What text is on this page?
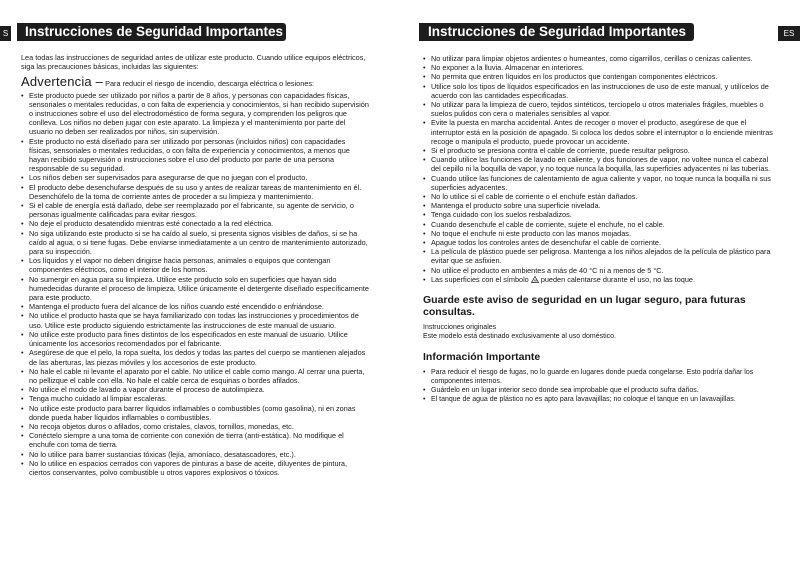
S	Instrucciones de Seguridad Importantes

Lea todas las instrucciones de seguridad antes de utilizar este producto. Cuando utilice equipos eléctricos, siga las precauciones básicas, incluidas las siguientes:

Advertencia – Para reducir el riesgo de incendio, descarga eléctrica o lesiones:

• Este producto puede ser utilizado por niños a partir de 8 años, y personas con capacidades físicas, sensoriales o mentales reducidas, o con falta de experiencia y conocimientos, si han recibido supervisión o instrucciones sobre el uso del electrodoméstico de forma segura, y comprenden los peligros que conlleva. Los niños no deben jugar con este aparato. La limpieza y el mantenimiento por parte del usuario no deben ser realizados por niños, sin supervisión.
• Este producto no está diseñado para ser utilizado por personas (incluidos niños) con capacidades físicas, sensoriales o mentales reducidas, o con falta de experiencia y conocimientos, a menos que hayan recibido supervisión o instrucciones sobre el uso del producto por parte de una persona responsable de su seguridad.
• Los niños deben ser supervisados para asegurarse de que no juegan con el producto.
• El producto debe desenchufarse después de su uso y antes de realizar tareas de mantenimiento en él. Desenchúfelo de la toma de corriente antes de proceder a su limpieza y mantenimiento.
• Si el cable de energía está dañado, debe ser reemplazado por el fabricante, su agente de servicio, o personas igualmente calificadas para evitar riesgos.
• No deje el producto desatendido mientras esté conectado a la red eléctrica.
• No siga utilizando este producto si se ha caído al suelo, si presenta signos visibles de daños, si se ha caído al agua, o si tiene fugas. Debe enviarse inmediatamente a un centro de mantenimiento autorizado, para su inspección.
• Los líquidos y el vapor no deben dirigirse hacia personas, animales o equipos que contengan componentes eléctricos, como el interior de los hornos.
• No sumergir en agua para su limpieza. Utilice este producto solo en superficies que hayan sido humedecidas durante el proceso de limpieza. Utilice únicamente el detergente diseñado específicamente para este producto.
• Mantenga el producto fuera del alcance de los niños cuando esté encendido o enfriándose.
• No utilice el producto hasta que se haya familiarizado con todas las instrucciones y procedimientos de uso. Utilice este producto siguiendo estrictamente las instrucciones de este manual de usuario.
• No utilice este producto para fines distintos de los especificados en este manual de usuario. Utilice únicamente los accesorios recomendados por el fabricante.
• Asegúrese de que el pelo, la ropa suelta, los dedos y todas las partes del cuerpo se mantienen alejados de las aberturas, las piezas móviles y los accesorios de este producto.
• No hale el cable ni levante el aparato por el cable. No utilice el cable como mango. Al cerrar una puerta, no pellizque el cable con ella. No hale el cable cerca de esquinas o bordes afilados.
• No utilice el modo de lavado a vapor durante el proceso de autolimpieza.
• Tenga mucho cuidado al limpiar escaleras.
• No utilice este producto para barrer líquidos inflamables o combustibles (como gasolina), ni en zonas donde pueda haber líquidos inflamables o combustibles.
• No recoja objetos duros o afilados, como cristales, clavos, tornillos, monedas, etc.
• Conéctelo siempre a una toma de corriente con conexión de tierra (anti-estática). No modifique el enchufe con toma de tierra.
• No lo utilice para barrer sustancias tóxicas (lejía, amoníaco, desatascadores, etc.).
• No lo utilice en espacios cerrados con vapores de pinturas a base de aceite, diluyentes de pintura, ciertos conservantes, polvo combustible u otros vapores explosivos o tóxicos.
Instrucciones de Seguridad Importantes	ES
• No utilizar para limpiar objetos ardientes o humeantes, como cigarrillos, cerillas o cenizas calientes.
• No exponer a la lluvia. Almacenar en interiores.
• No permita que entren líquidos en los productos que contengan componentes eléctricos.
• Utilice solo los tipos de líquidos especificados en las instrucciones de uso de este manual, y utilícelos de acuerdo con las cantidades especificadas.
• No utilizar para la limpieza de cuero, tejidos sintéticos, terciopelo u otros materiales frágiles, muebles o suelos pulidos con cera o materiales sensibles al vapor.
• Evite la puesta en marcha accidental. Antes de recoger o mover el producto, asegúrese de que el interruptor está en la posición de apagado. Si coloca los dedos sobre el interruptor o lo enciende mientras recoge o manipula el producto, puede provocar un accidente.
• Si el producto se presiona contra el cable de corriente, puede resultar peligroso.
• Cuando utilice las funciones de lavado en caliente, y dos funciones de vapor, no voltee nunca el cabezal del cepillo ni la boquilla de vapor, y no toque nunca la boquilla, las superficies adyacentes ni las tuberías.
• Cuando utilice las funciones de calentamiento de agua caliente y vapor, no toque nunca la boquilla ni sus superficies adyacentes.
• No lo utilice si el cable de corriente o el enchufe están dañados.
• Mantenga el producto sobre una superficie nivelada.
• Tenga cuidado con los suelos resbaladizos.
• Cuando desenchufe el cable de corriente, sujete el enchufe, no el cable.
• No toque el enchufe ni este producto con las manos mojadas.
• Apague todos los controles antes de desenchufar el cable de corriente.
• La película de plástico puede ser peligrosa. Mantenga a los niños alejados de la película de plástico para evitar que se asfixien.
• No utilice el producto en ambientes a más de 40 °C ni a menos de 5 °C.
• Las superficies con el símbolo pueden calentarse durante el uso, no las toque.
Guarde este aviso de seguridad en un lugar seguro, para futuras consultas.

Instrucciones originales

Este modelo está destinado exclusivamente al uso doméstico.

Información Importante
• Para reducir el riesgo de fugas, no lo guarde en lugares donde pueda congelarse. Esto podría dañar los componentes internos.
• Guárdelo en un lugar interior seco donde sea improbable que el producto sufra daños.
• El tanque de agua de plástico no es apto para lavavajillas; no coloque el tanque en un lavavajillas.
